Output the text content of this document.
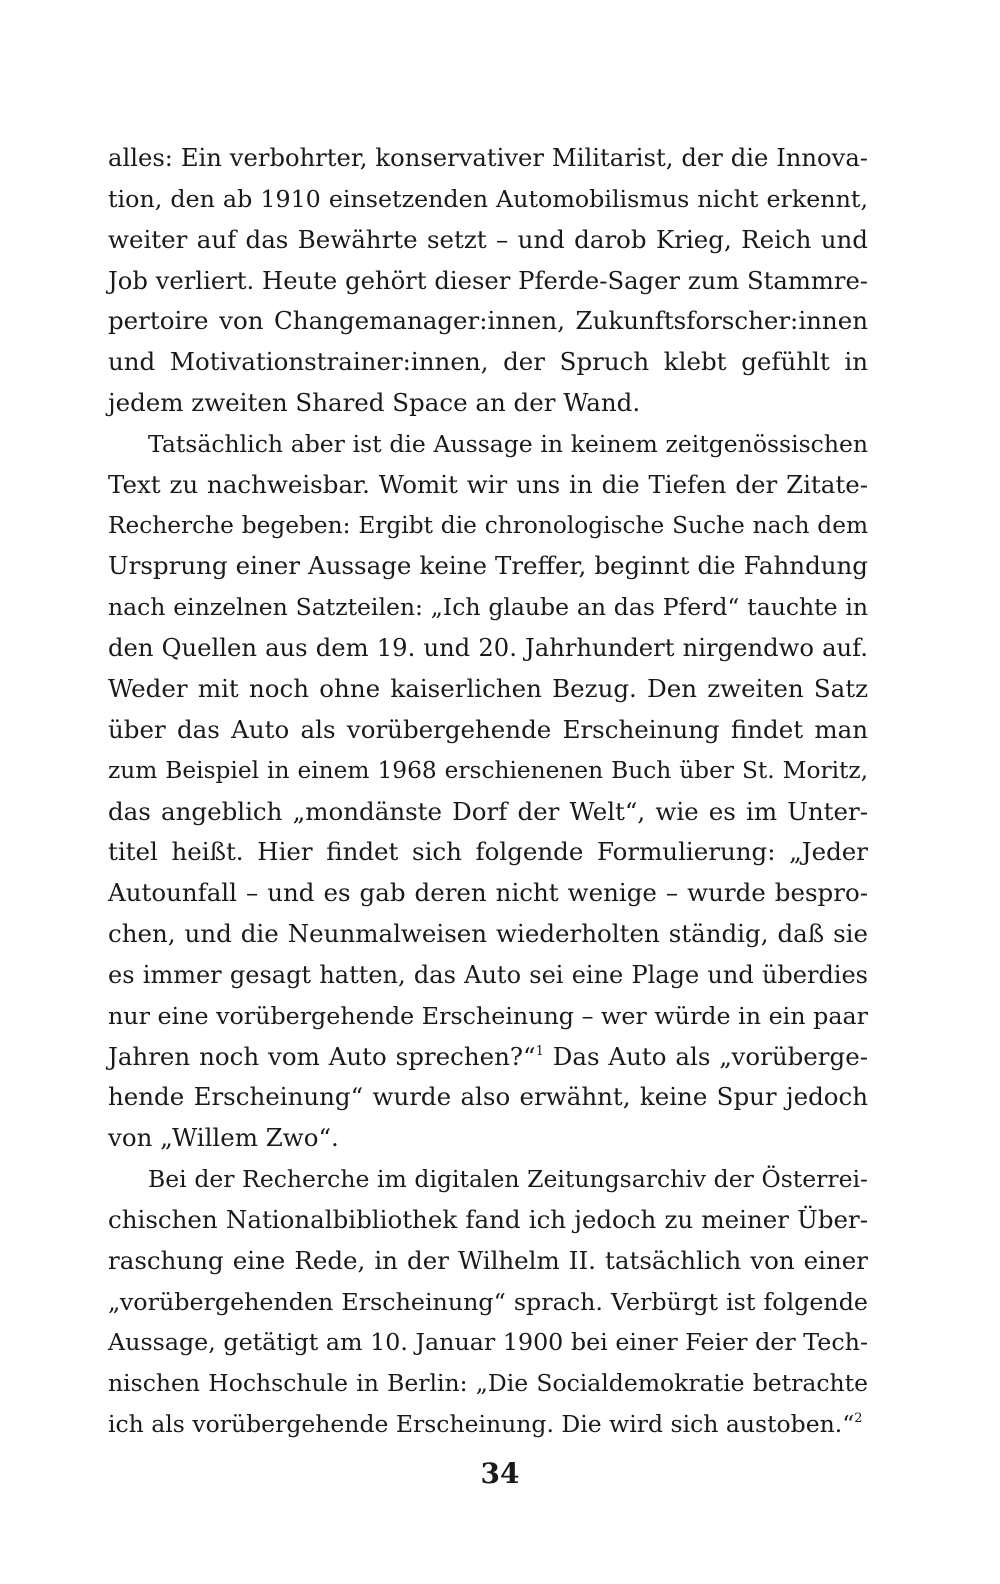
alles: Ein verbohrter, konservativer Militarist, der die Innova-
tion, den ab 1910 einsetzenden Automobilismus nicht erkennt,
weiter auf das Bewährte setzt – und darob Krieg, Reich und
Job verliert. Heute gehört dieser Pferde-Sager zum Stammre-
pertoire von Changemanager:innen, Zukunftsforscher:innen
und Motivationstrainer:innen, der Spruch klebt gefühlt in
jedem zweiten Shared Space an der Wand.
Tatsächlich aber ist die Aussage in keinem zeitgenössischen
Text zu nachweisbar. Womit wir uns in die Tiefen der Zitate-
Recherche begeben: Ergibt die chronologische Suche nach dem
Ursprung einer Aussage keine Treffer, beginnt die Fahndung
nach einzelnen Satzteilen: „Ich glaube an das Pferd“ tauchte in
den Quellen aus dem 19. und 20. Jahrhundert nirgendwo auf.
Weder mit noch ohne kaiserlichen Bezug. Den zweiten Satz
über das Auto als vorübergehende Erscheinung findet man
zum Beispiel in einem 1968 erschienenen Buch über St. Moritz,
das angeblich „mondänste Dorf der Welt“, wie es im Unter-
titel heißt. Hier findet sich folgende Formulierung: „Jeder
Autounfall – und es gab deren nicht wenige – wurde bespro-
chen, und die Neunmalweisen wiederholten ständig, daß sie
es immer gesagt hatten, das Auto sei eine Plage und überdies
nur eine vorübergehende Erscheinung – wer würde in ein paar
Jahren noch vom Auto sprechen?“$^1$ Das Auto als „vorüberge-
hende Erscheinung“ wurde also erwähnt, keine Spur jedoch
von „Willem Zwo“.
Bei der Recherche im digitalen Zeitungsarchiv der Österrei-
chischen Nationalbibliothek fand ich jedoch zu meiner Über-
raschung eine Rede, in der Wilhelm II. tatsächlich von einer
„vorübergehenden Erscheinung“ sprach. Verbürgt ist folgende
Aussage, getätigt am 10. Januar 1900 bei einer Feier der Tech-
nischen Hochschule in Berlin: „Die Socialdemokratie betrachte
ich als vorübergehende Erscheinung. Die wird sich austoben.“$^2$
34
